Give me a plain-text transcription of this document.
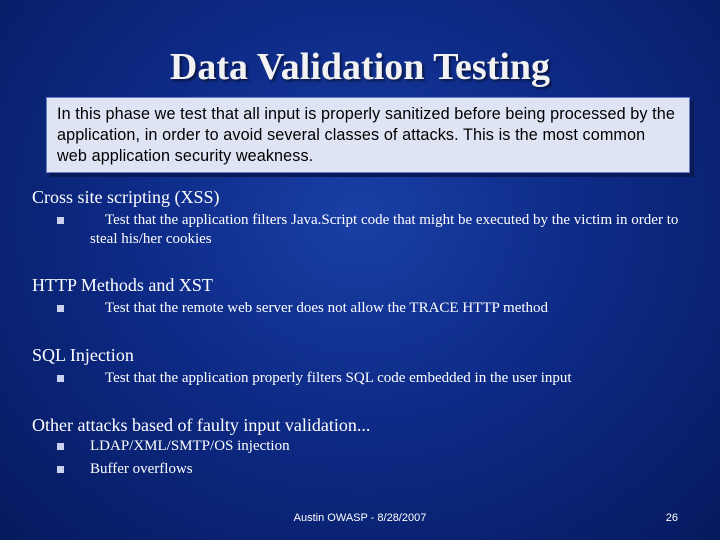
Data Validation Testing
In this phase we test that all input is properly sanitized before being processed by the application, in order to avoid several classes of attacks. This is the most common web application security weakness.
Cross site scripting (XSS)
Test that the application filters Java.Script code that might be executed by the victim in order to steal his/her cookies
HTTP Methods and XST
Test that the remote web server does not allow the TRACE HTTP method
SQL Injection
Test that the application properly filters SQL code embedded in the user input
Other attacks based of faulty input validation...
LDAP/XML/SMTP/OS injection
Buffer overflows
Austin OWASP - 8/28/2007	26
